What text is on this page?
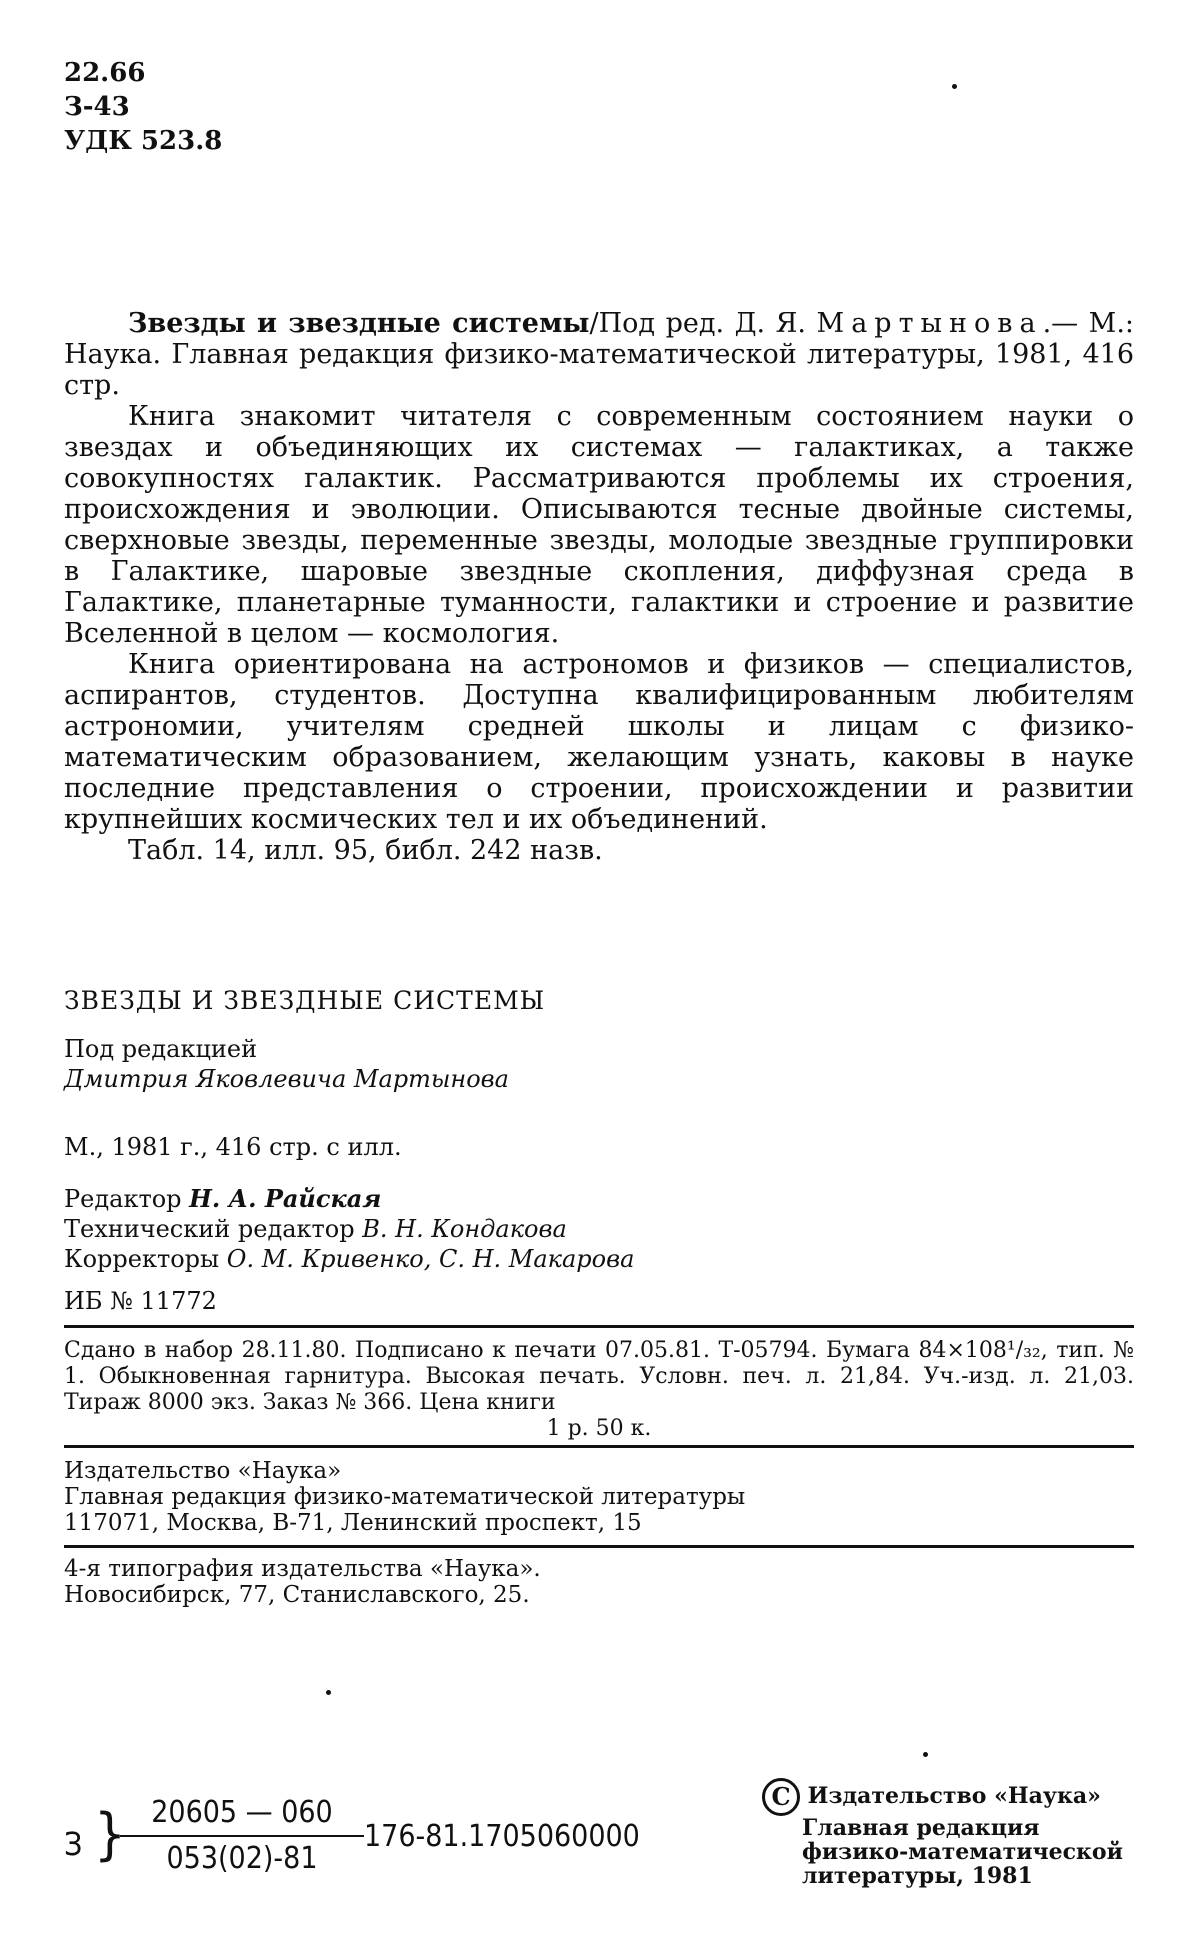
22.66
З-43
УДК 523.8

Звезды и звездные системы/Под ред. Д. Я. Мартынова.— М.: Наука. Главная редакция физико-математической литературы, 1981, 416 стр.

Книга знакомит читателя с современным состоянием науки о звездах и объединяющих их системах — галактиках, а также совокупностях галактик. Рассматриваются проблемы их строения, происхождения и эволюции. Описываются тесные двойные системы, сверхновые звезды, переменные звезды, молодые звездные группировки в Галактике, шаровые звездные скопления, диффузная среда в Галактике, планетарные туманности, галактики и строение и развитие Вселенной в целом — космология.

Книга ориентирована на астрономов и физиков — специалистов, аспирантов, студентов. Доступна квалифицированным любителям астрономии, учителям средней школы и лицам с физико-математическим образованием, желающим узнать, каковы в науке последние представления о строении, происхождении и развитии крупнейших космических тел и их объединений.

Табл. 14, илл. 95, библ. 242 назв.

ЗВЕЗДЫ И ЗВЕЗДНЫЕ СИСТЕМЫ
Под редакцией
Дмитрия Яковлевича Мартынова
М., 1981 г., 416 стр. с илл.
Редактор Н. А. Райская
Технический редактор В. Н. Кондакова
Корректоры О. М. Кривенко, С. Н. Макарова
ИБ № 11772
Сдано в набор 28.11.80. Подписано к печати 07.05.81. Т-05794. Бумага 84×108¹/₃₂, тип. № 1. Обыкновенная гарнитура. Высокая печать. Условн. печ. л. 21,84. Уч.-изд. л. 21,03. Тираж 8000 экз. Заказ № 366. Цена книги
1 р. 50 к.
Издательство «Наука»
Главная редакция физико-математической литературы
117071, Москва, В-71, Ленинский проспект, 15
4-я типография издательства «Наука».
Новосибирск, 77, Станиславского, 25.
З } 20605 — 060
053(02)-81
176-81.1705060000
C Издательство «Наука»
Главная редакция
физико-математической
литературы, 1981
